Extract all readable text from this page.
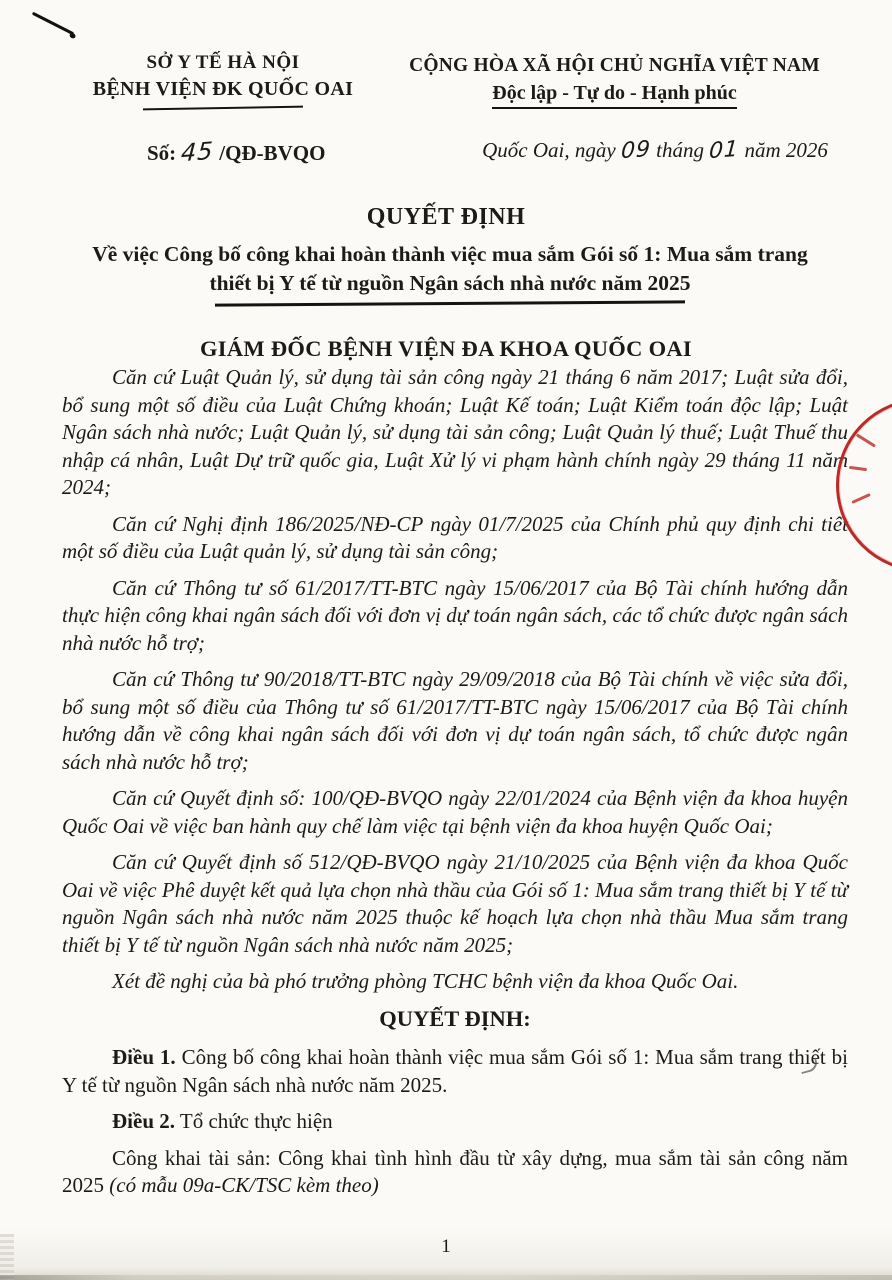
SỞ Y TẾ HÀ NỘI
BỆNH VIỆN ĐK QUỐC OAI
CỘNG HÒA XÃ HỘI CHỦ NGHĨA VIỆT NAM
Độc lập - Tự do - Hạnh phúc
Số: 45 /QĐ-BVQO	Quốc Oai, ngày 09 tháng 01 năm 2026
QUYẾT ĐỊNH
Về việc Công bố công khai hoàn thành việc mua sắm Gói số 1: Mua sắm trang
thiết bị Y tế từ nguồn Ngân sách nhà nước năm 2025
GIÁM ĐỐC BỆNH VIỆN ĐA KHOA QUỐC OAI

Căn cứ Luật Quản lý, sử dụng tài sản công ngày 21 tháng 6 năm 2017; Luật sửa đổi, bổ sung một số điều của Luật Chứng khoán; Luật Kế toán; Luật Kiểm toán độc lập; Luật Ngân sách nhà nước; Luật Quản lý, sử dụng tài sản công; Luật Quản lý thuế; Luật Thuế thu nhập cá nhân, Luật Dự trữ quốc gia, Luật Xử lý vi phạm hành chính ngày 29 tháng 11 năm 2024;

Căn cứ Nghị định 186/2025/NĐ-CP ngày 01/7/2025 của Chính phủ quy định chi tiết một số điều của Luật quản lý, sử dụng tài sản công;

Căn cứ Thông tư số 61/2017/TT-BTC ngày 15/06/2017 của Bộ Tài chính hướng dẫn thực hiện công khai ngân sách đối với đơn vị dự toán ngân sách, các tổ chức được ngân sách nhà nước hỗ trợ;

Căn cứ Thông tư 90/2018/TT-BTC ngày 29/09/2018 của Bộ Tài chính về việc sửa đổi, bổ sung một số điều của Thông tư số 61/2017/TT-BTC ngày 15/06/2017 của Bộ Tài chính hướng dẫn về công khai ngân sách đối với đơn vị dự toán ngân sách, tổ chức được ngân sách nhà nước hỗ trợ;

Căn cứ Quyết định số: 100/QĐ-BVQO ngày 22/01/2024 của Bệnh viện đa khoa huyện Quốc Oai về việc ban hành quy chế làm việc tại bệnh viện đa khoa huyện Quốc Oai;

Căn cứ Quyết định số 512/QĐ-BVQO ngày 21/10/2025 của Bệnh viện đa khoa Quốc Oai về việc Phê duyệt kết quả lựa chọn nhà thầu của Gói số 1: Mua sắm trang thiết bị Y tế từ nguồn Ngân sách nhà nước năm 2025 thuộc kế hoạch lựa chọn nhà thầu Mua sắm trang thiết bị Y tế từ nguồn Ngân sách nhà nước năm 2025;

Xét đề nghị của bà phó trưởng phòng TCHC bệnh viện đa khoa Quốc Oai.

QUYẾT ĐỊNH:

Điều 1. Công bố công khai hoàn thành việc mua sắm Gói số 1: Mua sắm trang thiết bị Y tế từ nguồn Ngân sách nhà nước năm 2025.

Điều 2. Tổ chức thực hiện

Công khai tài sản: Công khai tình hình đầu từ xây dựng, mua sắm tài sản công năm 2025 (có mẫu 09a-CK/TSC kèm theo)

1
